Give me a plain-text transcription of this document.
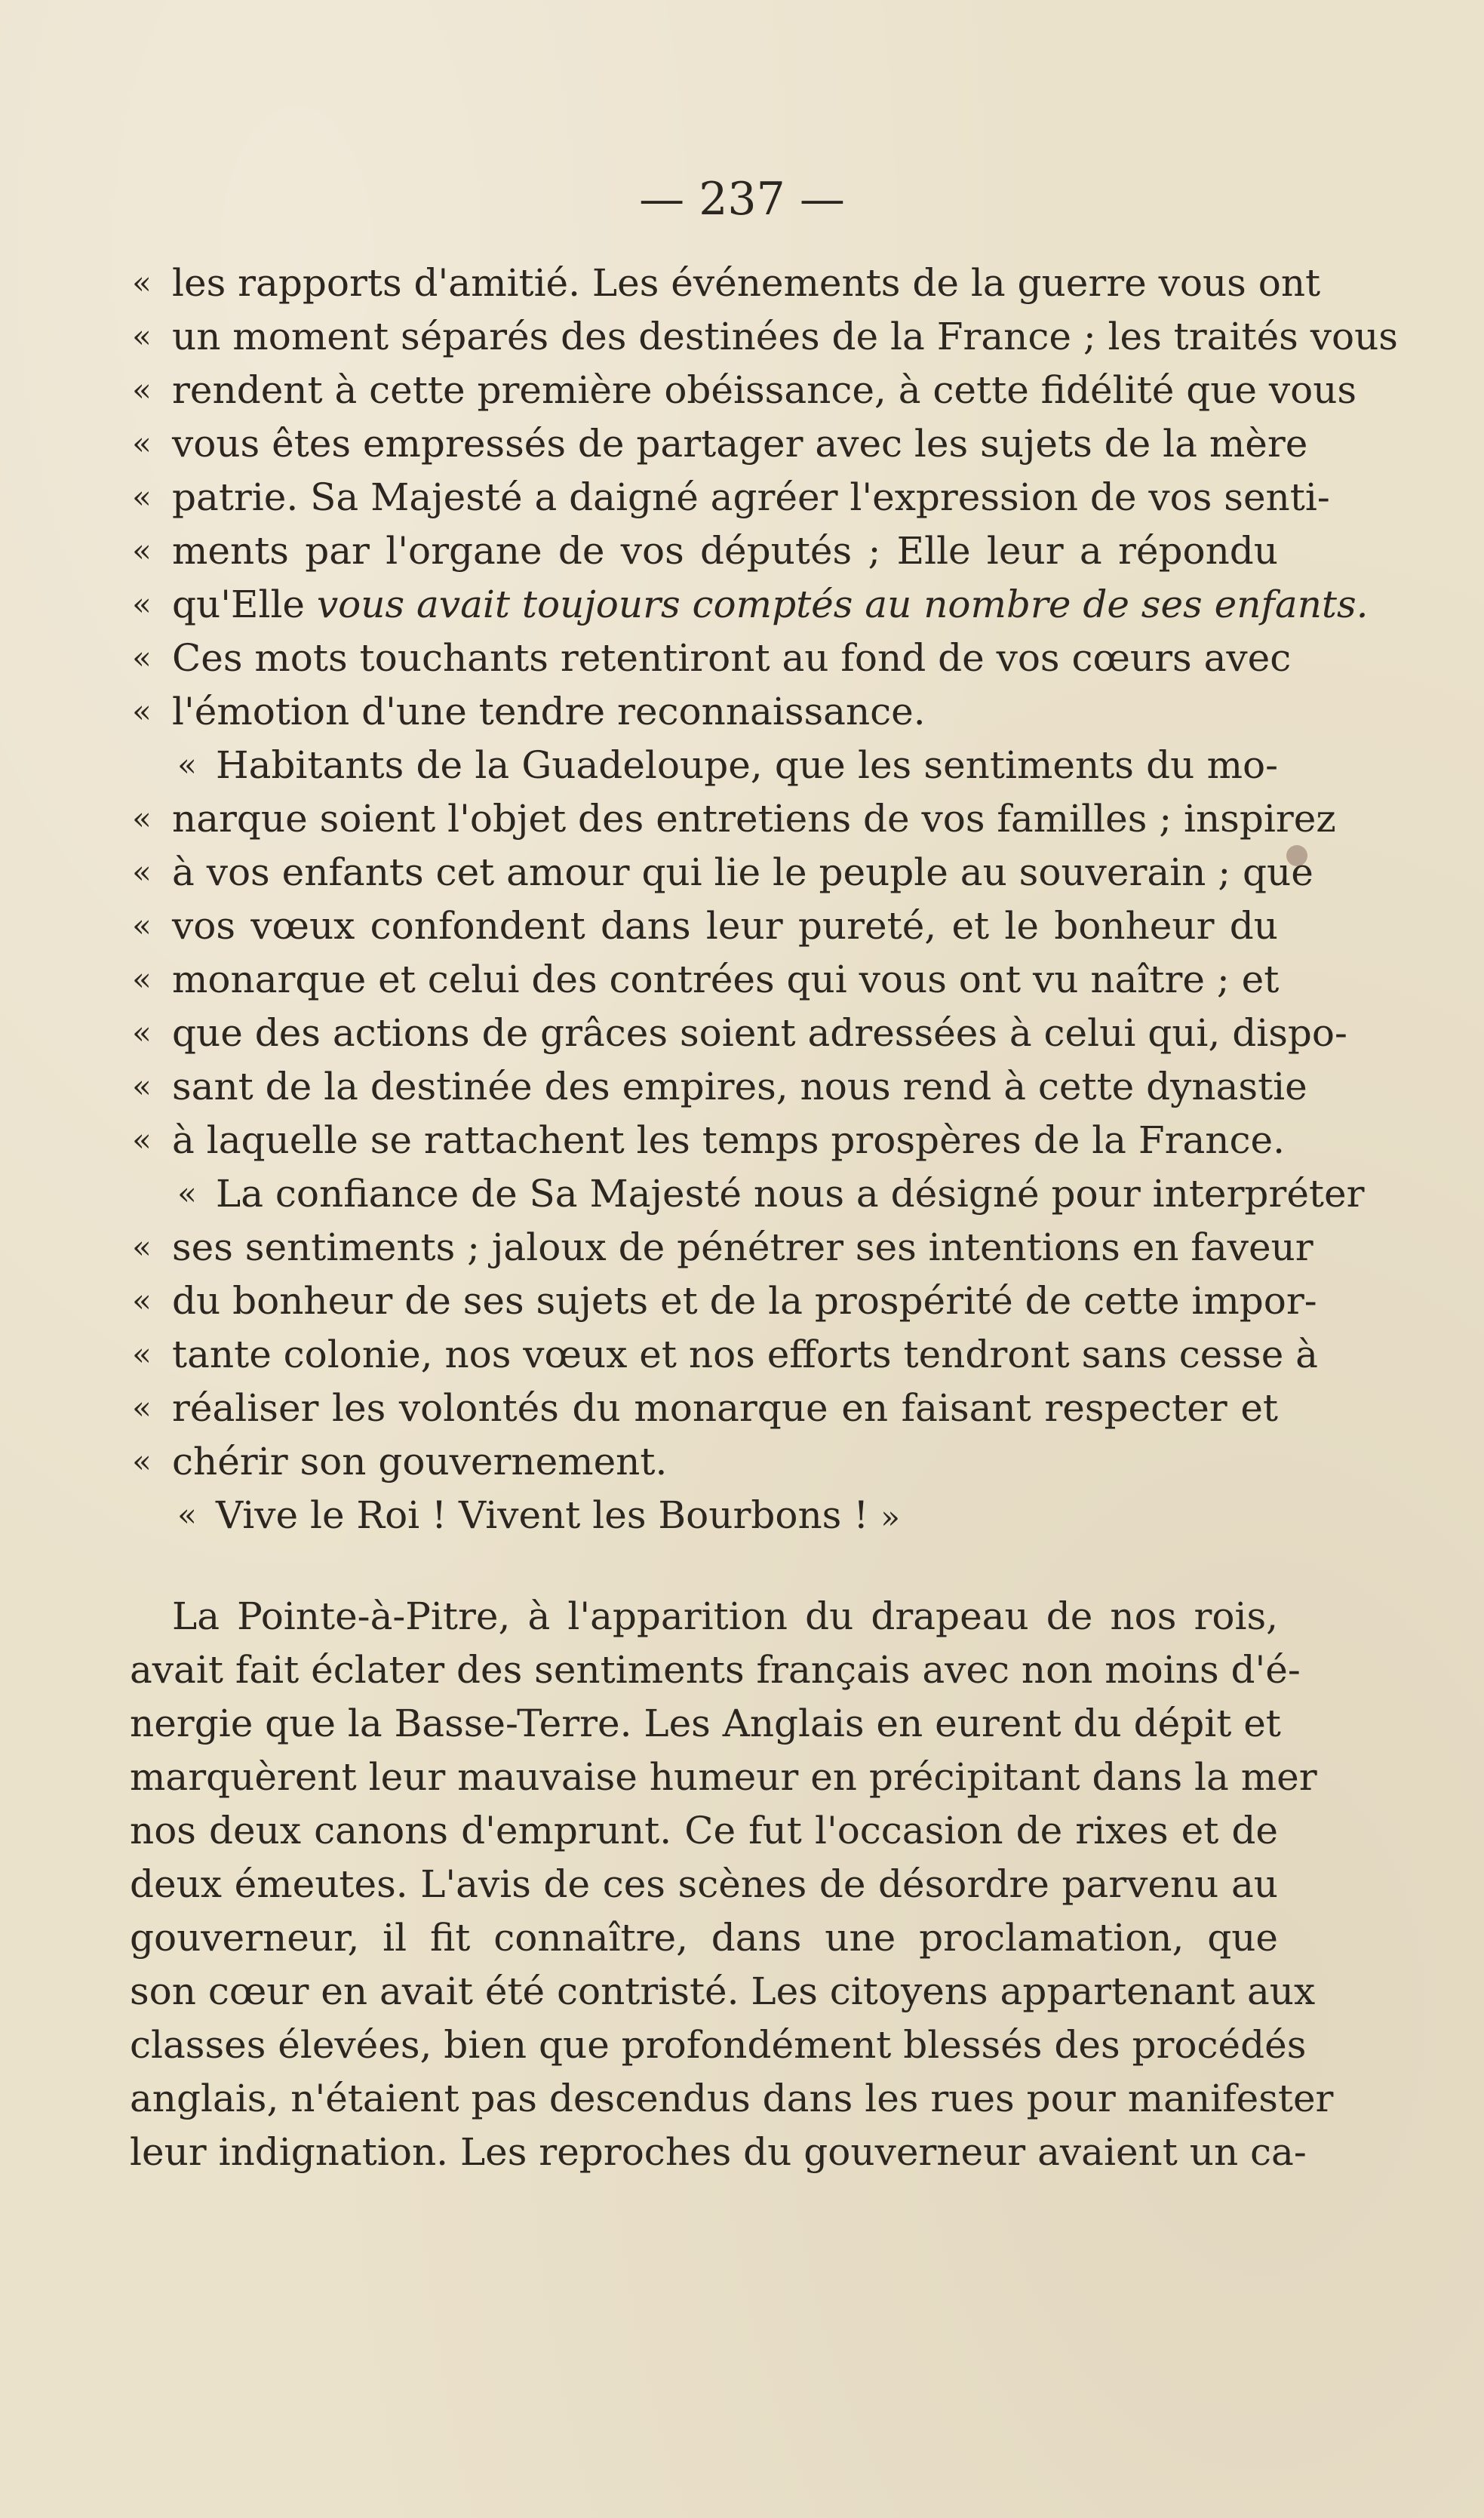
— 237 —
«
«
«
«
«
«
«
«
«
«
«
«
«
«
«
«
«
«
«
«
«
«
«
«
les rapports d'amitié. Les événements de la guerre vous ont
un moment séparés des destinées de la France ; les traités vous
rendent à cette première obéissance, à cette fidélité que vous
vous êtes empressés de partager avec les sujets de la mère
patrie. Sa Majesté a daigné agréer l'expression de vos senti-
ments par l'organe de vos députés ; Elle leur a répondu
qu'Elle vous avait toujours comptés au nombre de ses enfants.
Ces mots touchants retentiront au fond de vos cœurs avec
l'émotion d'une tendre reconnaissance.
Habitants de la Guadeloupe, que les sentiments du mo-
narque soient l'objet des entretiens de vos familles ; inspirez
à vos enfants cet amour qui lie le peuple au souverain ; que
vos vœux confondent dans leur pureté, et le bonheur du
monarque et celui des contrées qui vous ont vu naître ; et
que des actions de grâces soient adressées à celui qui, dispo-
sant de la destinée des empires, nous rend à cette dynastie
à laquelle se rattachent les temps prospères de la France.
La confiance de Sa Majesté nous a désigné pour interpréter
ses sentiments ; jaloux de pénétrer ses intentions en faveur
du bonheur de ses sujets et de la prospérité de cette impor-
tante colonie, nos vœux et nos efforts tendront sans cesse à
réaliser les volontés du monarque en faisant respecter et
chérir son gouvernement.
Vive le Roi ! Vivent les Bourbons ! »
La Pointe-à-Pitre, à l'apparition du drapeau de nos rois,
avait fait éclater des sentiments français avec non moins d'é-
nergie que la Basse-Terre. Les Anglais en eurent du dépit et
marquèrent leur mauvaise humeur en précipitant dans la mer
nos deux canons d'emprunt. Ce fut l'occasion de rixes et de
deux émeutes. L'avis de ces scènes de désordre parvenu au
gouverneur, il fit connaître, dans une proclamation, que
son cœur en avait été contristé. Les citoyens appartenant aux
classes élevées, bien que profondément blessés des procédés
anglais, n'étaient pas descendus dans les rues pour manifester
leur indignation. Les reproches du gouverneur avaient un ca-
